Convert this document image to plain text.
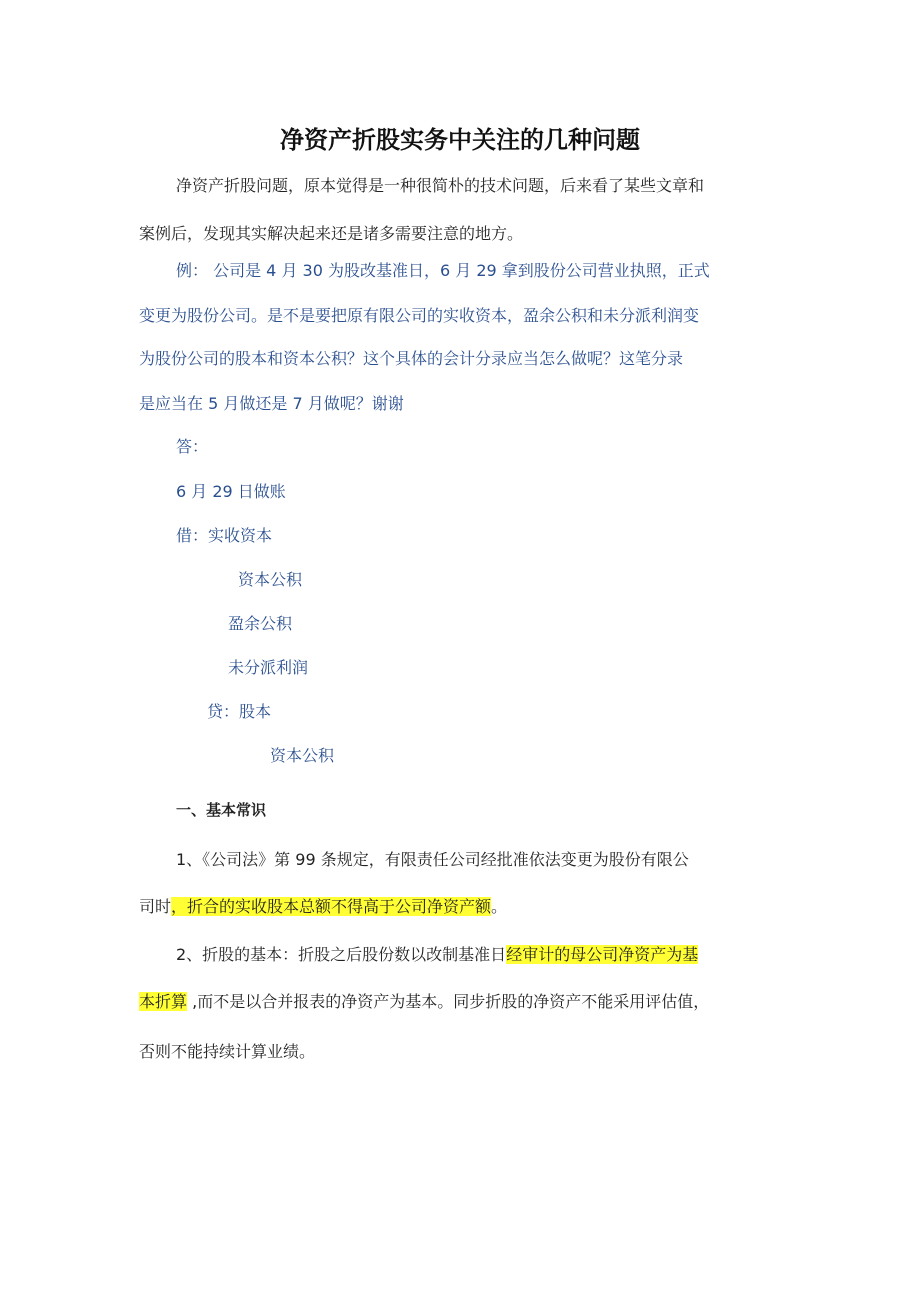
净资产折股实务中关注的几种问题
净资产折股问题，原本觉得是一种很简朴的技术问题，后来看了某些文章和
案例后，发现其实解决起来还是诸多需要注意的地方。
例： 公司是 4 月 30 为股改基准日，6 月 29 拿到股份公司营业执照，正式
变更为股份公司。是不是要把原有限公司的实收资本，盈余公积和未分派利润变
为股份公司的股本和资本公积？这个具体的会计分录应当怎么做呢？这笔分录
是应当在 5 月做还是 7 月做呢？谢谢
答：
6 月 29 日做账
借：实收资本
资本公积
盈余公积
未分派利润
贷：股本
资本公积
一、基本常识
1、《公司法》第 99 条规定，有限责任公司经批准依法变更为股份有限公
司时，折合的实收股本总额不得高于公司净资产额。
2、折股的基本：折股之后股份数以改制基准日经审计的母公司净资产为基
本折算 ,而不是以合并报表的净资产为基本。同步折股的净资产不能采用评估值，
否则不能持续计算业绩。
